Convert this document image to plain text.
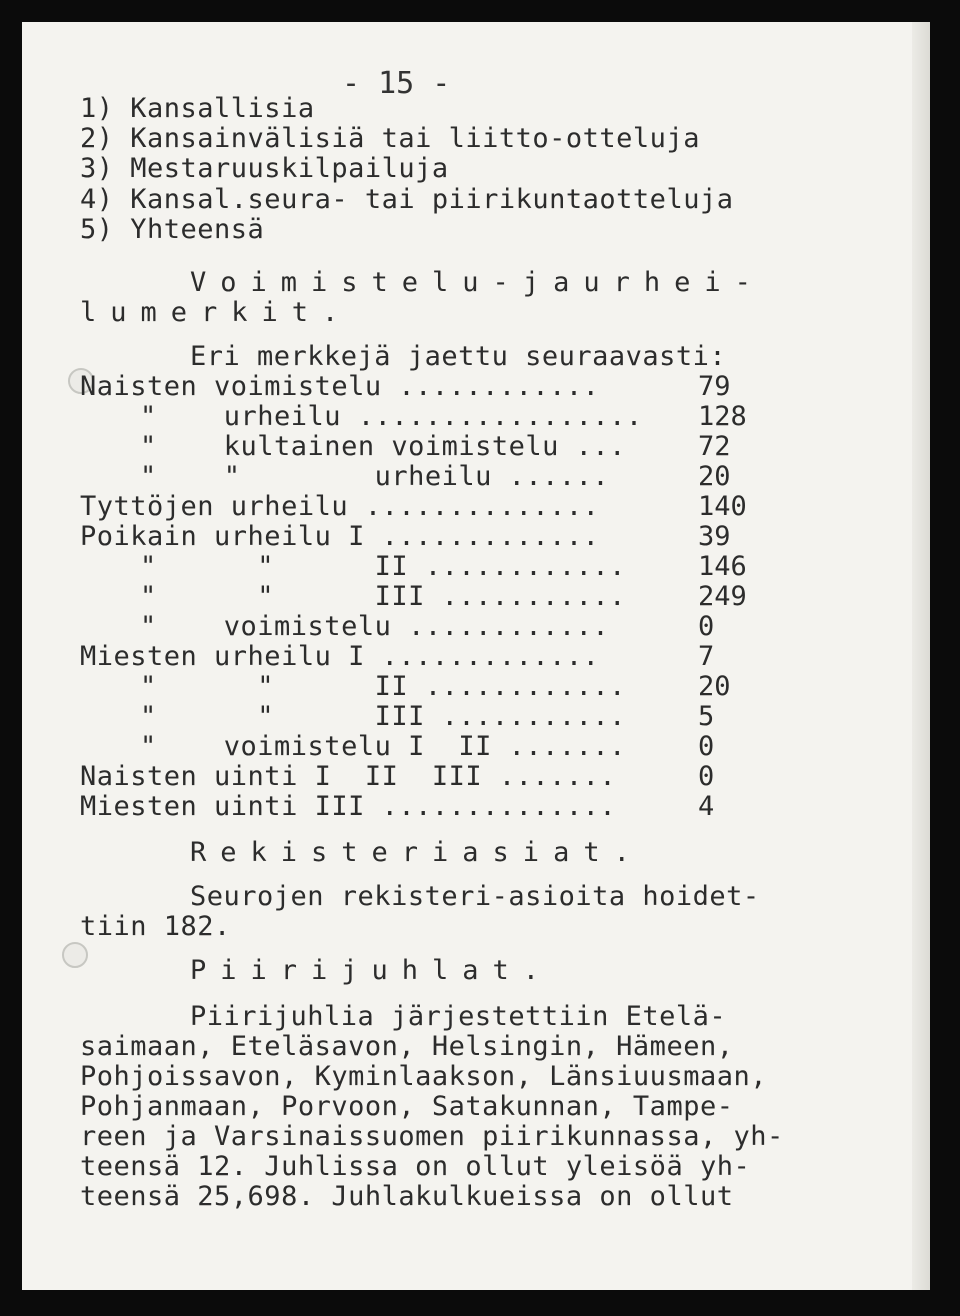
- 15 -
1) Kansallisia
2) Kansainvälisiä tai liitto-otteluja
3) Mestaruuskilpailuja
4) Kansal.seura- tai piirikuntaotteluja
5) Yhteensä
Voimistelu-jaurhei-
lumerkit.
Eri merkkejä jaettu seuraavasti:
Naisten voimistelu ............	79
"    urheilu ................. 128
"    kultainen voimistelu ...	72
"    "        urheilu ......	20
Tyttöjen urheilu ..............	140
Poikain urheilu I .............	39
"      "      II ............	146
"      "      III ...........	249
"    voimistelu ............	0
Miesten urheilu I .............	7
"      "      II ............	20
"      "      III ...........	5
"    voimistelu I  II .......	0
Naisten uinti I  II  III .......	0
Miesten uinti III ..............	4
Rekisteriasiat.
Seurojen rekisteri-asioita hoidet-
tiin 182.
Piirijuhlat.
Piirijuhlia järjestettiin Etelä-
saimaan, Eteläsavon, Helsingin, Hämeen,
Pohjoissavon, Kyminlaakson, Länsiuusmaan,
Pohjanmaan, Porvoon, Satakunnan, Tampe-
reen ja Varsinaissuomen piirikunnassa, yh-
teensä 12. Juhlissa on ollut yleisöä yh-
teensä 25,698. Juhlakulkueissa on ollut
